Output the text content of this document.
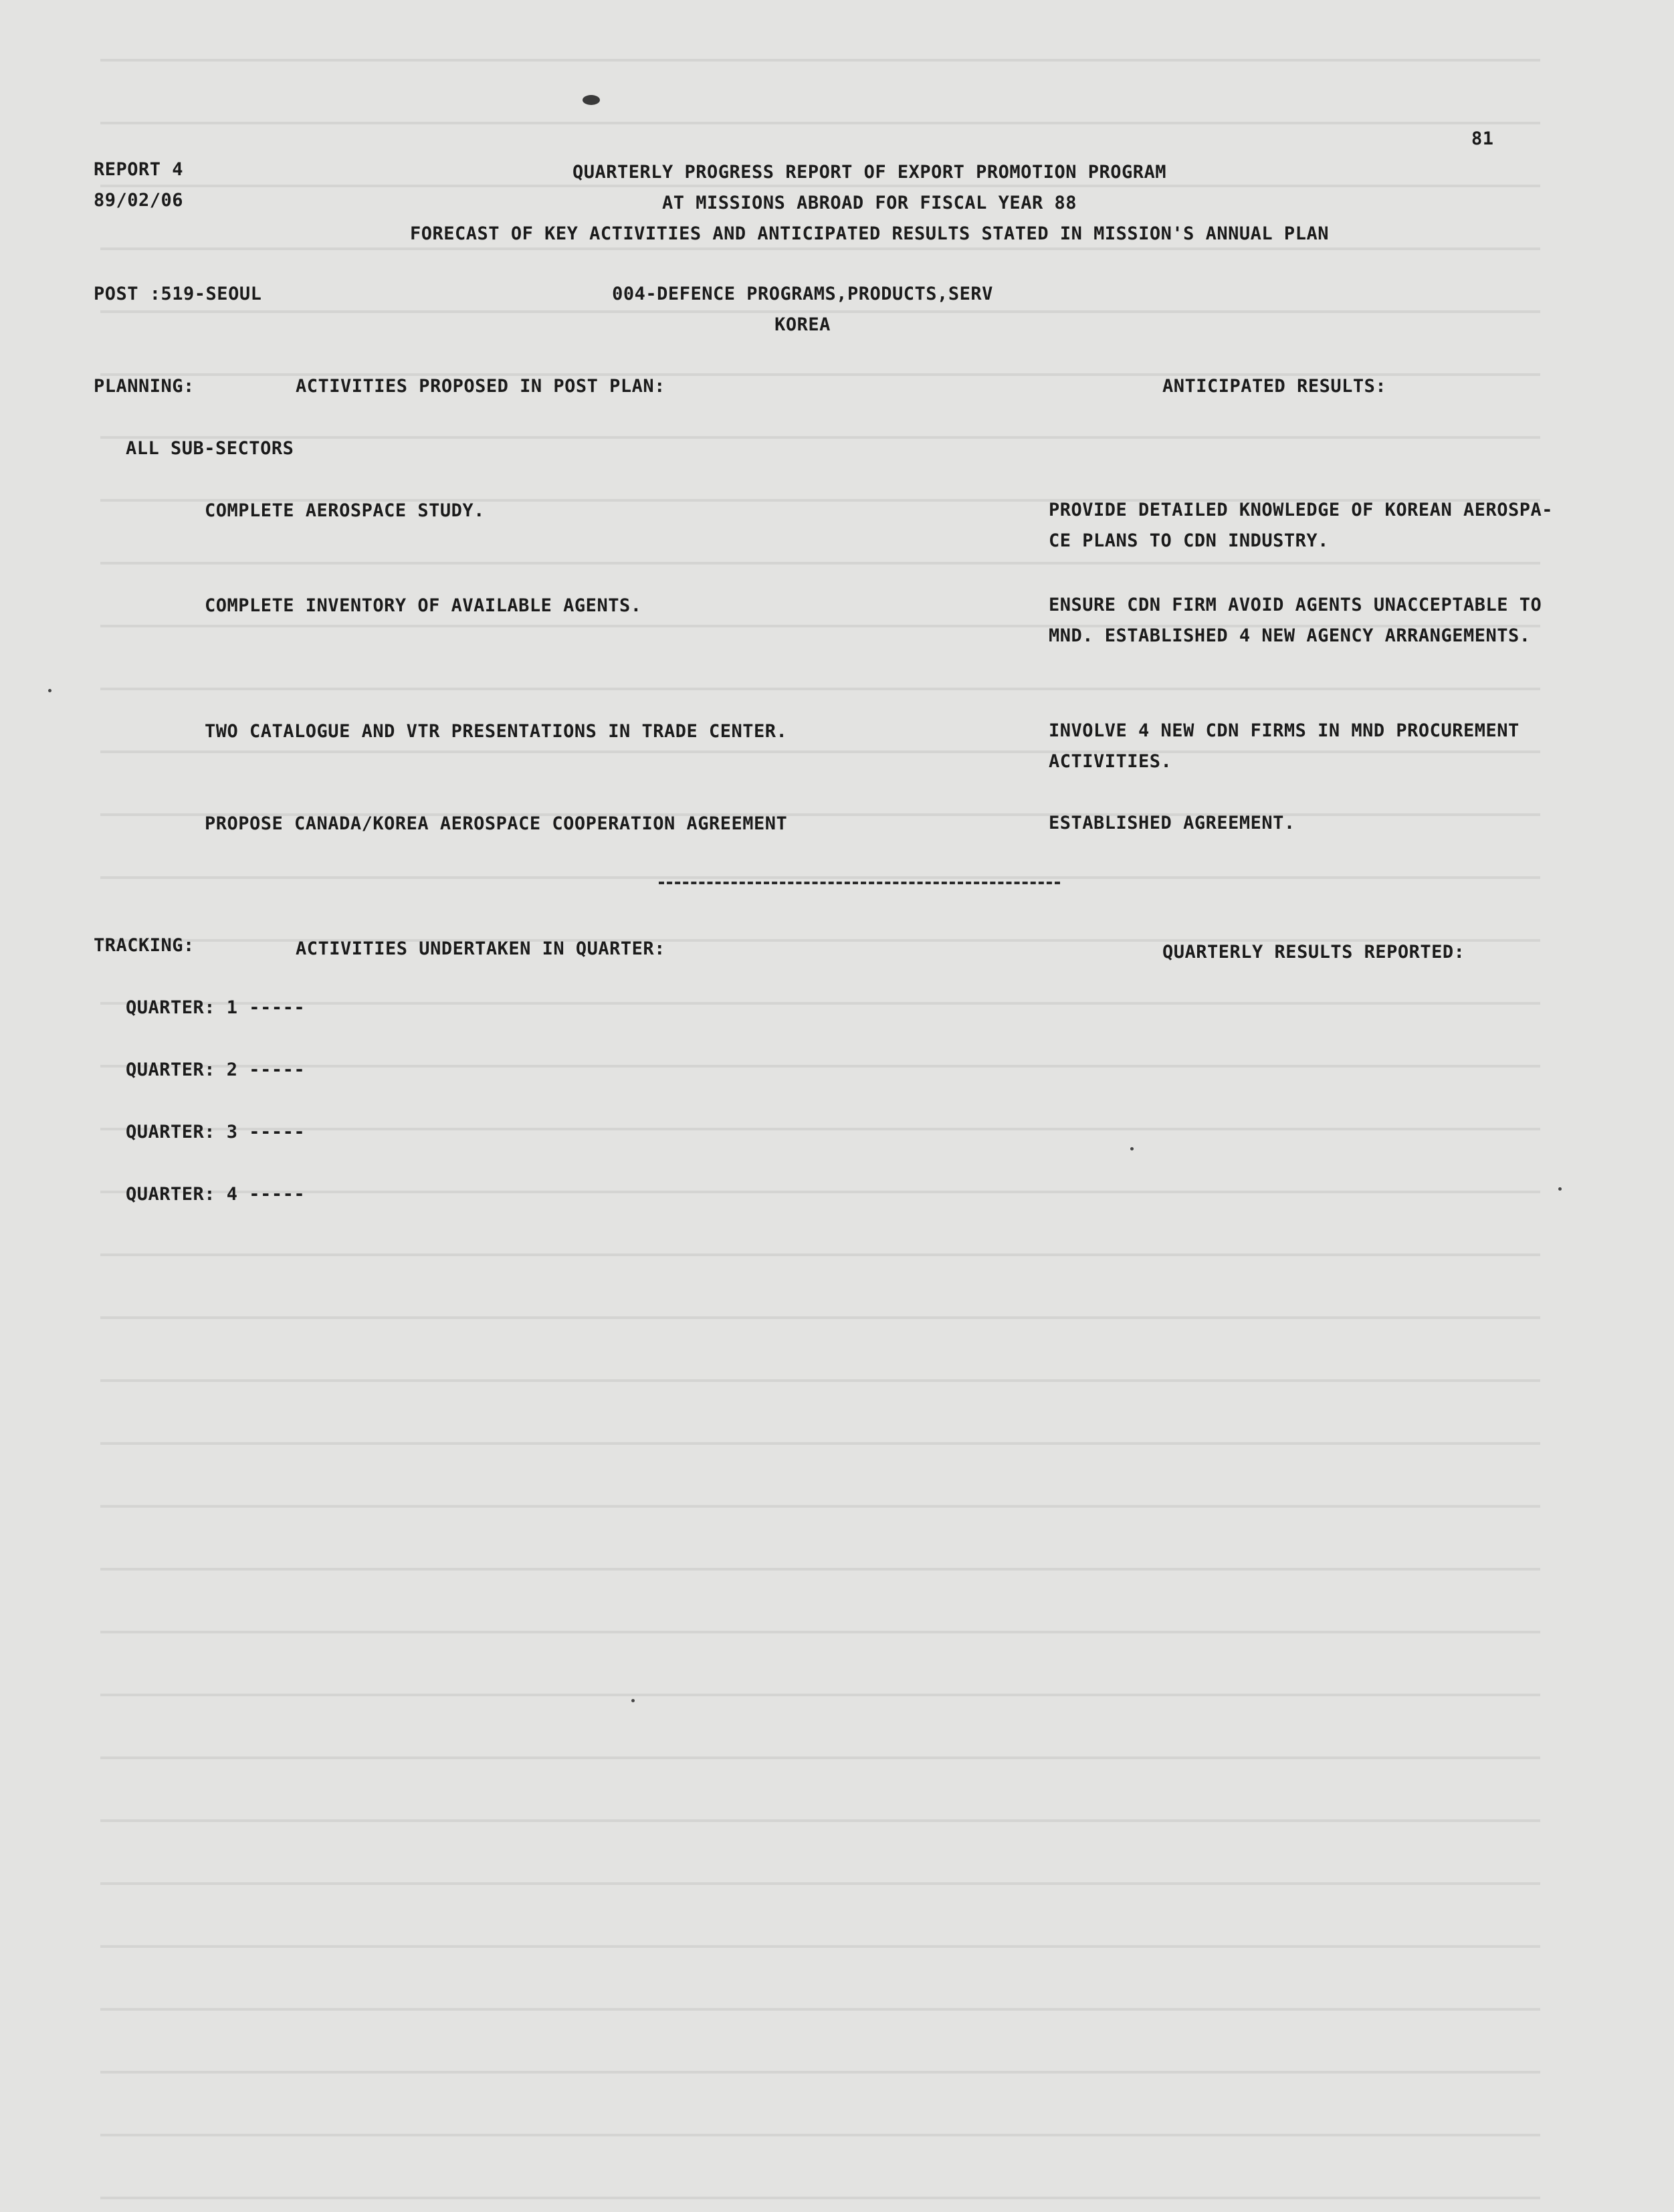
81
REPORT 4
89/02/06
QUARTERLY PROGRESS REPORT OF EXPORT PROMOTION PROGRAM
AT MISSIONS ABROAD FOR FISCAL YEAR 88
FORECAST OF KEY ACTIVITIES AND ANTICIPATED RESULTS STATED IN MISSION'S ANNUAL PLAN
POST :519-SEOUL	004-DEFENCE PROGRAMS,PRODUCTS,SERV
KOREA
PLANNING:	ACTIVITIES PROPOSED IN POST PLAN:	ANTICIPATED RESULTS:
ALL SUB-SECTORS
COMPLETE AEROSPACE STUDY.	PROVIDE DETAILED KNOWLEDGE OF KOREAN AEROSPA- CE PLANS TO CDN INDUSTRY.
COMPLETE INVENTORY OF AVAILABLE AGENTS.	ENSURE CDN FIRM AVOID AGENTS UNACCEPTABLE TO MND. ESTABLISHED 4 NEW AGENCY ARRANGEMENTS.
TWO CATALOGUE AND VTR PRESENTATIONS IN TRADE CENTER.	INVOLVE 4 NEW CDN FIRMS IN MND PROCUREMENT ACTIVITIES.
PROPOSE CANADA/KOREA AEROSPACE COOPERATION AGREEMENT	ESTABLISHED AGREEMENT.
TRACKING:	ACTIVITIES UNDERTAKEN IN QUARTER:	QUARTERLY RESULTS REPORTED:
QUARTER: 1 -----
QUARTER: 2 -----
QUARTER: 3 -----
QUARTER: 4 -----
